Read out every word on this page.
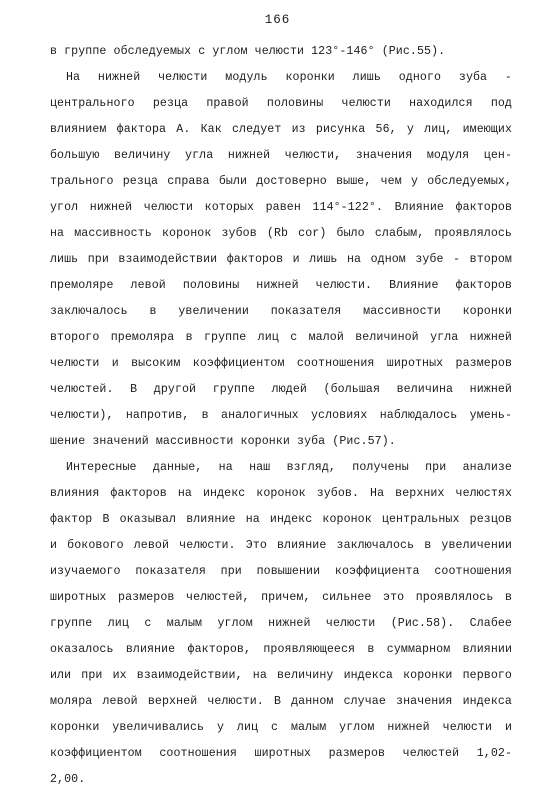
166
в группе обследуемых с углом челюсти 123°-146° (Рис.55).
На нижней челюсти модуль коронки лишь одного зуба -
центрального резца правой половины челюсти находился под
влиянием фактора А. Как следует из рисунка 56, у лиц, имеющих
большую величину угла нижней челюсти, значения модуля цен-
трального резца справа были достоверно выше, чем у обследуемых,
угол нижней челюсти которых равен 114°-122°. Влияние факторов
на массивность коронок зубов (Rb cor) было слабым, проявлялось
лишь при взаимодействии факторов и лишь на одном зубе - втором
премоляре левой половины нижней челюсти. Влияние факторов
заключалось в увеличении показателя массивности коронки
второго премоляра в группе лиц с малой величиной угла нижней
челюсти и высоким коэффициентом соотношения широтных размеров
челюстей. В другой группе людей (большая величина нижней
челюсти), напротив, в аналогичных условиях наблюдалось умень-
шение значений массивности коронки зуба (Рис.57).
Интересные данные, на наш взгляд, получены при анализе
влияния факторов на индекс коронок зубов. На верхних челюстях
фактор В оказывал влияние на индекс коронок центральных резцов
и бокового левой челюсти. Это влияние заключалось в увеличении
изучаемого показателя при повышении коэффициента соотношения
широтных размеров челюстей, причем, сильнее это проявлялось в
группе лиц с малым углом нижней челюсти (Рис.58). Слабее
оказалось влияние факторов, проявляющееся в суммарном влиянии
или при их взаимодействии, на величину индекса коронки первого
моляра левой верхней челюсти. В данном случае значения индекса
коронки увеличивались у лиц с малым углом нижней челюсти и
коэффициентом соотношения широтных размеров челюстей 1,02-
2,00.
